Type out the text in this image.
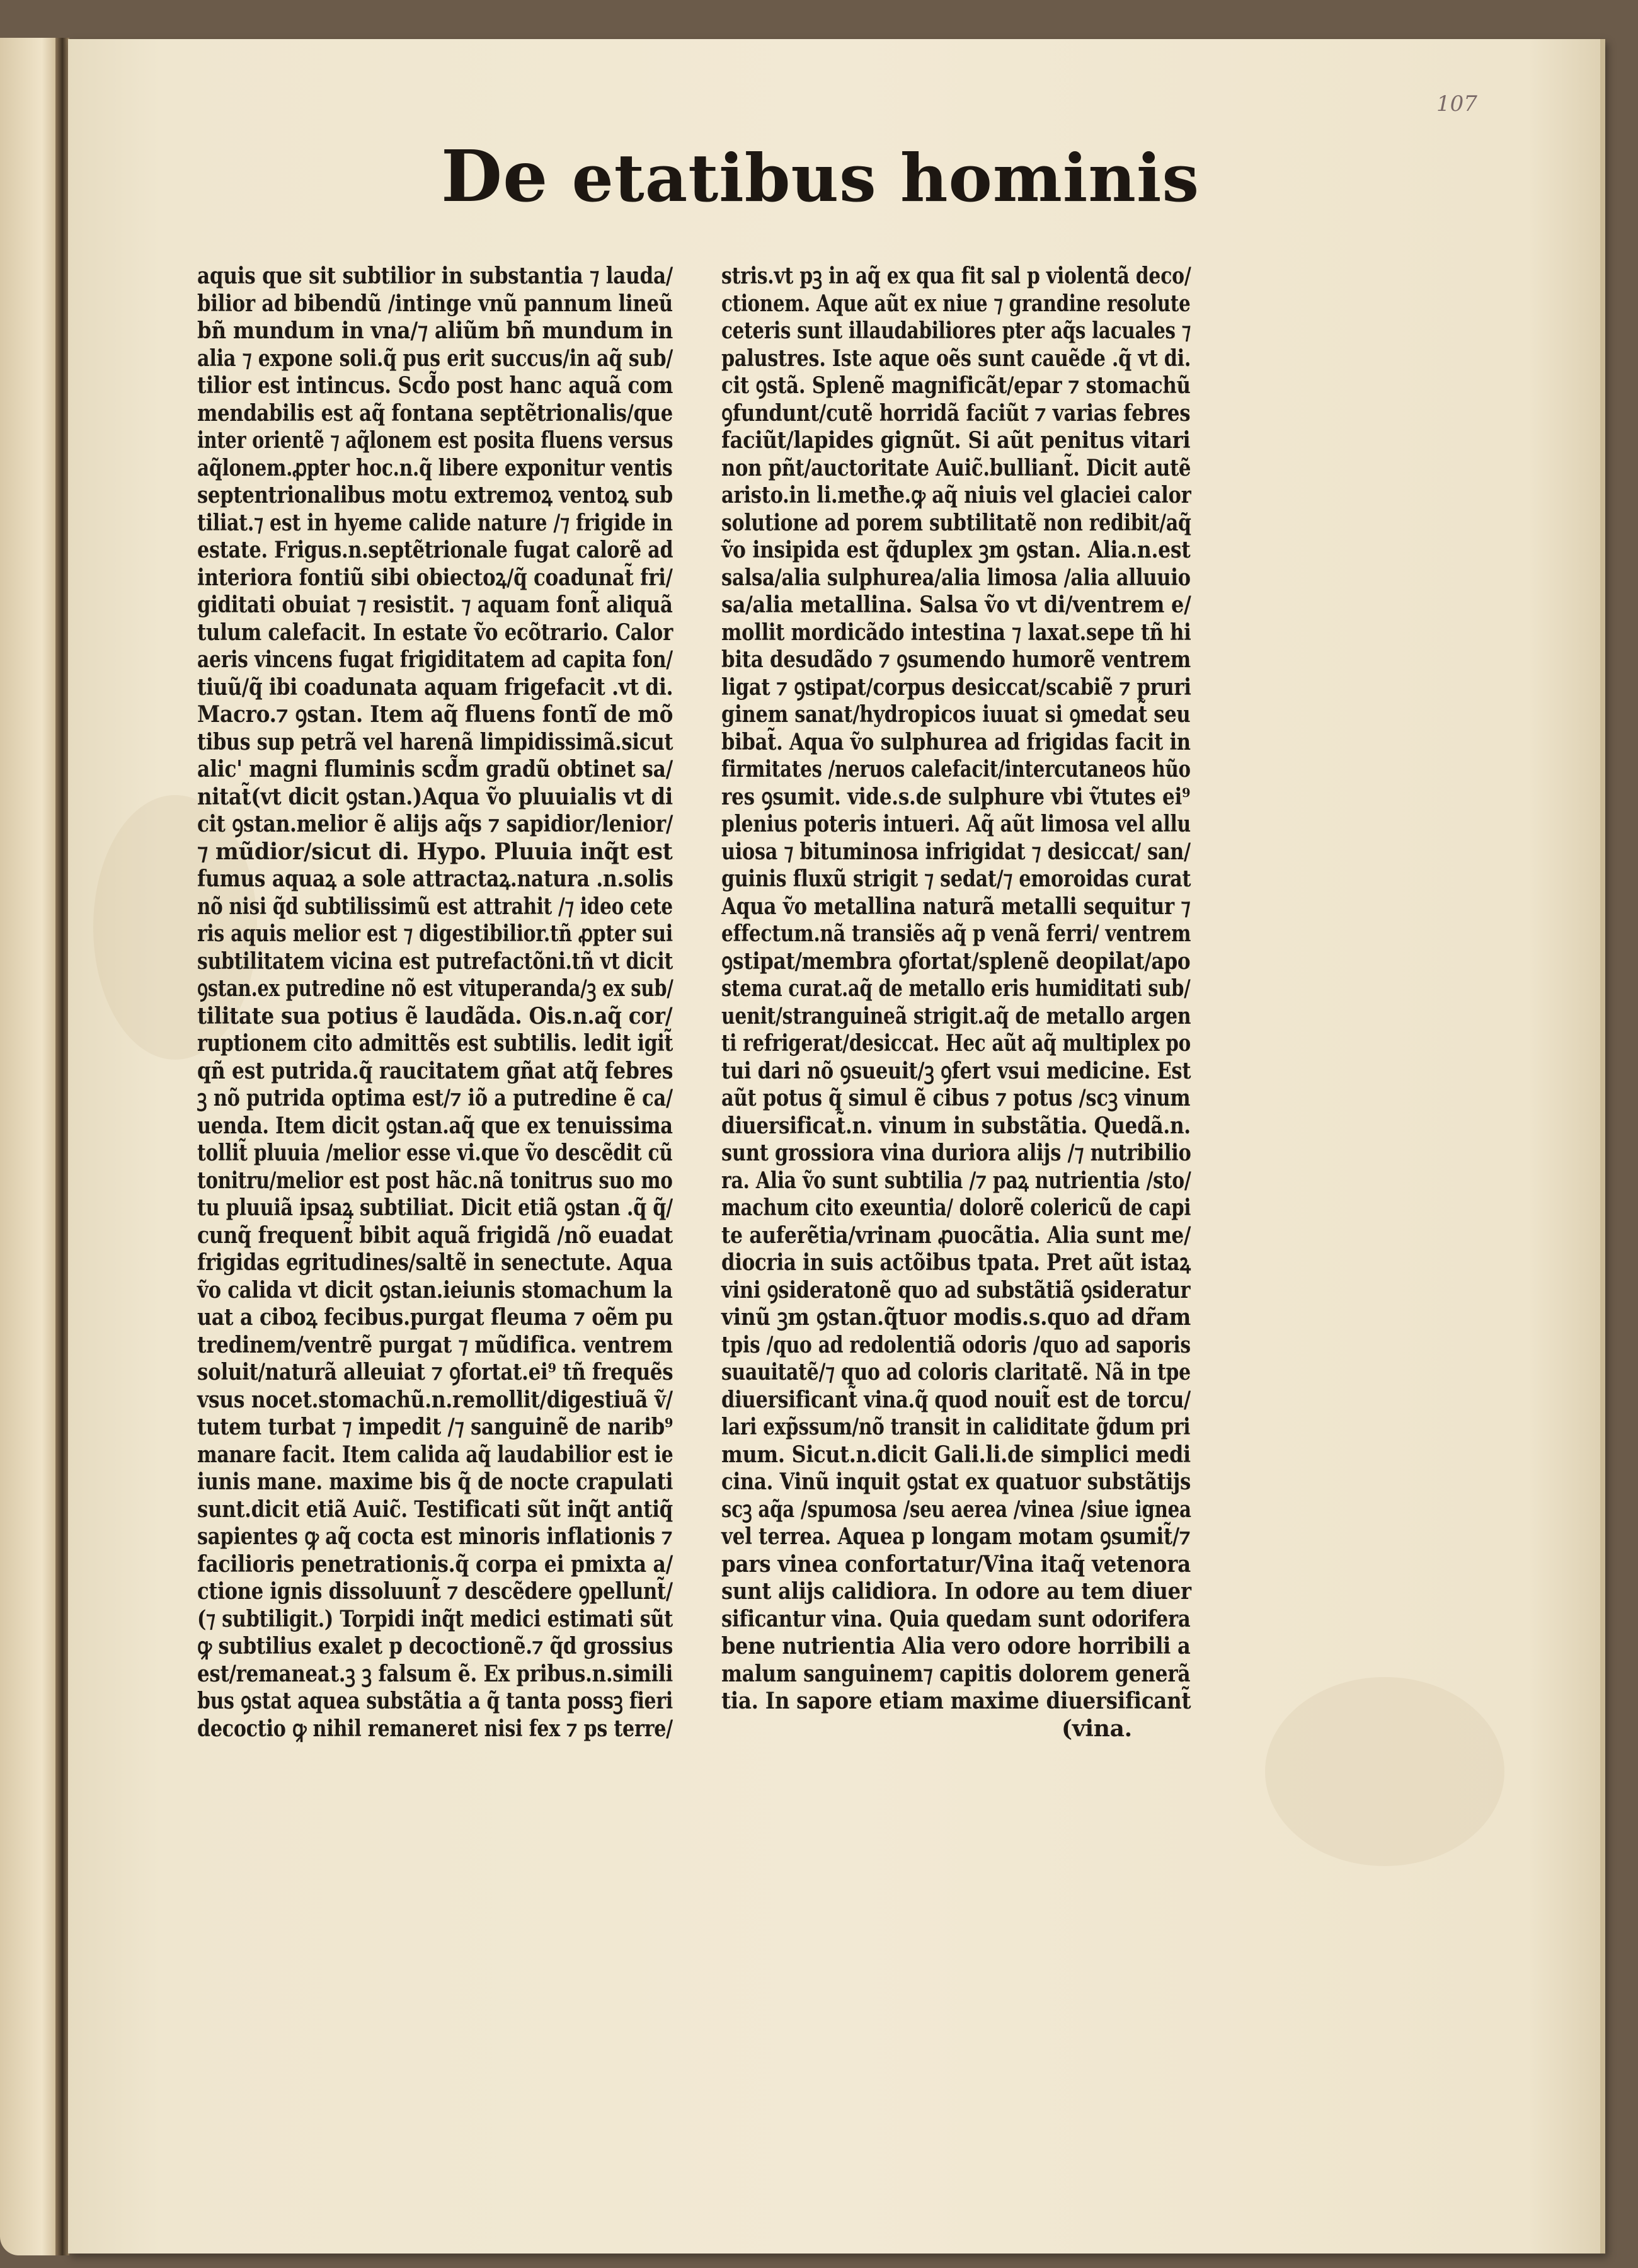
107
De etatibus hominis
aquis que sit subtilior in substantia ⁊ lauda/
bilior ad bibendũ /intinge vnũ pannum lineũ
bñ mundum in vna/⁊ aliũm bñ mundum in
alia ⁊ expone soli.q̃ pus erit succus/in aq̃ sub/
tilior est intincus. Scd̃o post hanc aquã com
mendabilis est aq̃ fontana septẽtrionalis/que
inter orientẽ ⁊ aq̃lonem est posita fluens versus
aq̃lonem.ꝓpter hoc.n.q̃ libere exponitur ventis
septentrionalibus motu extremoꝝ ventoꝝ sub
tiliat.⁊ est in hyeme calide nature /⁊ frigide in
estate. Frigus.n.septẽtrionale fugat calorẽ ad
interiora fontiũ sibi obiectoꝝ/q̃ coadunat̃ fri/
giditati obuiat ⁊ resistit. ⁊ aquam font̃ aliquã
tulum calefacit. In estate ṽo ecõtrario. Calor
aeris vincens fugat frigiditatem ad capita fon/
tiuũ/q̃ ibi coadunata aquam frigefacit .vt di.
Macro.⁊ ꝯstan. Item aq̃ fluens fontĩ de mõ
tibus sup petrã vel harenã limpidissimã.sicut
alic' magni fluminis scd̃m gradũ obtinet sa/
nitat̃(vt dicit ꝯstan.)Aqua ṽo pluuialis vt di
cit ꝯstan.melior ẽ alijs aq̃s ⁊ sapidior/lenior/
⁊ mũdior/sicut di. Hypo. Pluuia inq̃t est
fumus aquaꝝ a sole attractaꝝ.natura .n.solis
nõ nisi q̃d subtilissimũ est attrahit /⁊ ideo cete
ris aquis melior est ⁊ digestibilior.tñ ꝓpter sui
subtilitatem vicina est putrefactõni.tñ vt dicit
ꝯstan.ex putredine nõ est vituperanda/ꝫ ex sub/
tilitate sua potius ẽ laudãda. Ois.n.aq̃ cor/
ruptionem cito admittẽs est subtilis. ledit igit̃
qñ est putrida.q̃ raucitatem gñat atq̃ febres
ꝫ nõ putrida optima est/⁊ iõ a putredine ẽ ca/
uenda. Item dicit ꝯstan.aq̃ que ex tenuissima
tollit̃ pluuia /melior esse vi.que ṽo descẽdit cũ
tonitru/melior est post hãc.nã tonitrus suo mo
tu pluuiã ipsaꝝ subtiliat. Dicit etiã ꝯstan .q̃ q̃/
cunq̃ frequent̃ bibit aquã frigidã /nõ euadat
frigidas egritudines/saltẽ in senectute. Aqua
ṽo calida vt dicit ꝯstan.ieiunis stomachum la
uat a ciboꝝ fecibus.purgat fleuma ⁊ oẽm pu
tredinem/ventrẽ purgat ⁊ mũdifica. ventrem
soluit/naturã alleuiat ⁊ ꝯfortat.ei⁹ tñ frequẽs
vsus nocet.stomachũ.n.remollit/digestiuã ṽ/
tutem turbat ⁊ impedit /⁊ sanguinẽ de narib⁹
manare facit. Item calida aq̃ laudabilior est ie
iunis mane. maxime bis q̃ de nocte crapulati
sunt.dicit etiã Auic̃. Testificati sũt inq̃t antiq̃
sapientes ꝙ aq̃ cocta est minoris inflationis ⁊
facilioris penetrationis.q̃ corpa ei pmixta a/
ctione ignis dissoluunt̃ ⁊ descẽdere ꝯpellunt̃/
(⁊ subtiligit.) Torpidi inq̃t medici estimati sũt
ꝙ subtilius exalet p decoctionẽ.⁊ q̃d grossius
est/remaneat.ꝫ ꝫ falsum ẽ. Ex pribus.n.simili
bus ꝯstat aquea substãtia a q̃ tanta possꝫ fieri
decoctio ꝙ nihil remaneret nisi fex ⁊ ps terre/
stris.vt pꝫ in aq̃ ex qua fit sal p violentã deco/
ctionem. Aque aũt ex niue ⁊ grandine resolute
ceteris sunt illaudabiliores pter aq̃s lacuales ⁊
palustres. Iste aque oẽs sunt cauẽde .q̃ vt di.
cit ꝯstã. Splenẽ magnificãt/epar ⁊ stomachũ
ꝯfundunt/cutẽ horridã faciũt ⁊ varias febres
faciũt/lapides gignũt. Si aũt penitus vitari
non pñt/auctoritate Auic̃.bulliant̃. Dicit autẽ
aristo.in li.metħe.ꝙ aq̃ niuis vel glaciei calor
solutione ad porem subtilitatẽ non redibit/aq̃
ṽo insipida est q̃duplex ꝫm ꝯstan. Alia.n.est
salsa/alia sulphurea/alia limosa /alia alluuio
sa/alia metallina. Salsa ṽo vt di/ventrem e/
mollit mordicãdo intestina ⁊ laxat.sepe tñ hi
bita desudãdo ⁊ ꝯsumendo humorẽ ventrem
ligat ⁊ ꝯstipat/corpus desiccat/scabiẽ ⁊ pruri
ginem sanat/hydropicos iuuat si ꝯmedat̃ seu
bibat̃. Aqua ṽo sulphurea ad frigidas facit in
firmitates /neruos calefacit/intercutaneos hũo
res ꝯsumit. vide.s.de sulphure vbi ṽtutes ei⁹
plenius poteris intueri. Aq̃ aũt limosa vel allu
uiosa ⁊ bituminosa infrigidat ⁊ desiccat/ san/
guinis fluxũ strigit ⁊ sedat/⁊ emoroidas curat
Aqua ṽo metallina naturã metalli sequitur ⁊
effectum.nã transiẽs aq̃ p venã ferri/ ventrem
ꝯstipat/membra ꝯfortat/splenẽ deopilat/apo
stema curat.aq̃ de metallo eris humiditati sub/
uenit/stranguineã strigit.aq̃ de metallo argen
ti refrigerat/desiccat. Hec aũt aq̃ multiplex po
tui dari nõ ꝯsueuit/ꝫ ꝯfert vsui medicine. Est
aũt potus q̃ simul ẽ cibus ⁊ potus /scꝫ vinum
diuersificat̃.n. vinum in substãtia. Quedã.n.
sunt grossiora vina duriora alijs /⁊ nutribilio
ra. Alia ṽo sunt subtilia /⁊ paꝝ nutrientia /sto/
machum cito exeuntia/ dolorẽ colericũ de capi
te auferẽtia/vrinam ꝓuocãtia. Alia sunt me/
diocria in suis actõibus tpata. Pret aũt istaꝝ
vini ꝯsideratonẽ quo ad substãtiã ꝯsideratur
vinũ ꝫm ꝯstan.q̃tuor modis.s.quo ad dr̃am
tpis /quo ad redolentiã odoris /quo ad saporis
suauitatẽ/⁊ quo ad coloris claritatẽ. Nã in tpe
diuersificant̃ vina.q̃ quod nouit̃ est de torcu/
lari exp̃ssum/nõ transit in caliditate g̃dum pri
mum. Sicut.n.dicit Gali.li.de simplici medi
cina. Vinũ inquit ꝯstat ex quatuor substãtijs
scꝫ aq̃a /spumosa /seu aerea /vinea /siue ignea
vel terrea. Aquea p longam motam ꝯsumit̃/⁊
pars vinea confortatur/Vina itaq̃ vetenora
sunt alijs calidiora. In odore au tem diuer
sificantur vina. Quia quedam sunt odorifera
bene nutrientia Alia vero odore horribili a
malum sanguinem⁊ capitis dolorem generã
tia. In sapore etiam maxime diuersificant̃
(vina.
